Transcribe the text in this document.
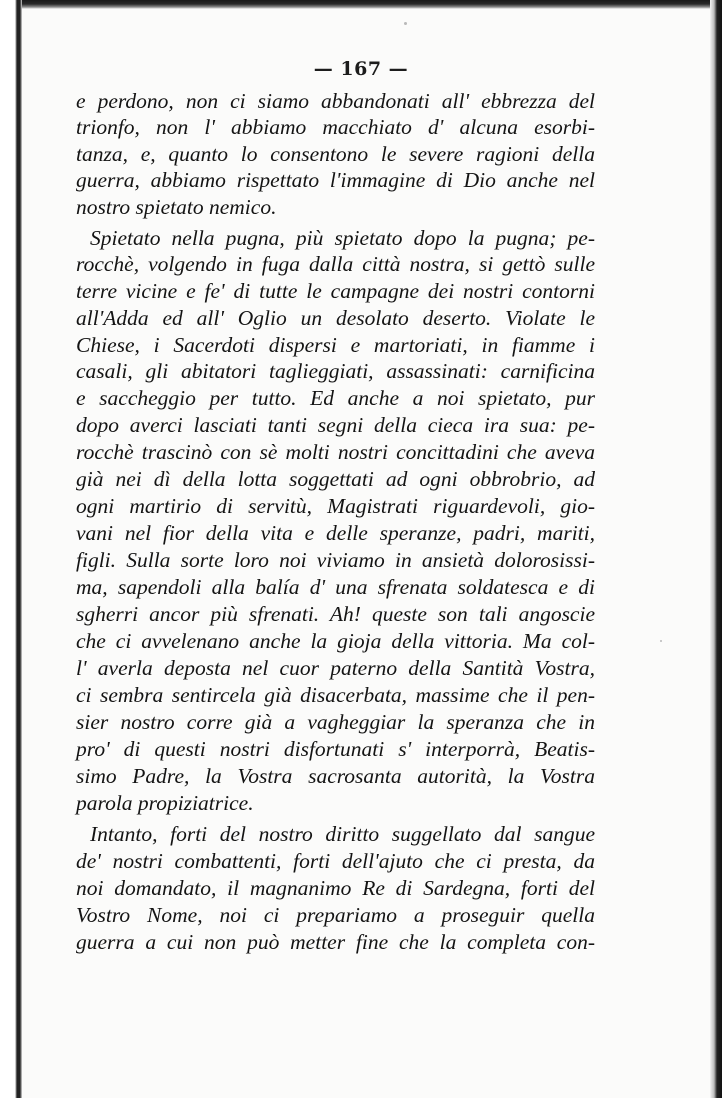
— 167 —
e perdono, non ci siamo abbandonati all' ebbrezza del
trionfo, non l' abbiamo macchiato d' alcuna esorbi-
tanza, e, quanto lo consentono le severe ragioni della
guerra, abbiamo rispettato l'immagine di Dio anche nel
nostro spietato nemico.
Spietato nella pugna, più spietato dopo la pugna; pe-
rocchè, volgendo in fuga dalla città nostra, si gettò sulle
terre vicine e fe' di tutte le campagne dei nostri contorni
all'Adda ed all' Oglio un desolato deserto. Violate le
Chiese, i Sacerdoti dispersi e martoriati, in fiamme i
casali, gli abitatori taglieggiati, assassinati: carnificina
e saccheggio per tutto. Ed anche a noi spietato, pur
dopo averci lasciati tanti segni della cieca ira sua: pe-
rocchè trascinò con sè molti nostri concittadini che aveva
già nei dì della lotta soggettati ad ogni obbrobrio, ad
ogni martirio di servitù, Magistrati riguardevoli, gio-
vani nel fior della vita e delle speranze, padri, mariti,
figli. Sulla sorte loro noi viviamo in ansietà dolorosissi-
ma, sapendoli alla balía d' una sfrenata soldatesca e di
sgherri ancor più sfrenati. Ah! queste son tali angoscie
che ci avvelenano anche la gioja della vittoria. Ma col-
l' averla deposta nel cuor paterno della Santità Vostra,
ci sembra sentircela già disacerbata, massime che il pen-
sier nostro corre già a vagheggiar la speranza che in
pro' di questi nostri disfortunati s' interporrà, Beatis-
simo Padre, la Vostra sacrosanta autorità, la Vostra
parola propiziatrice.
Intanto, forti del nostro diritto suggellato dal sangue
de' nostri combattenti, forti dell'ajuto che ci presta, da
noi domandato, il magnanimo Re di Sardegna, forti del
Vostro Nome, noi ci prepariamo a proseguir quella
guerra a cui non può metter fine che la completa con-
